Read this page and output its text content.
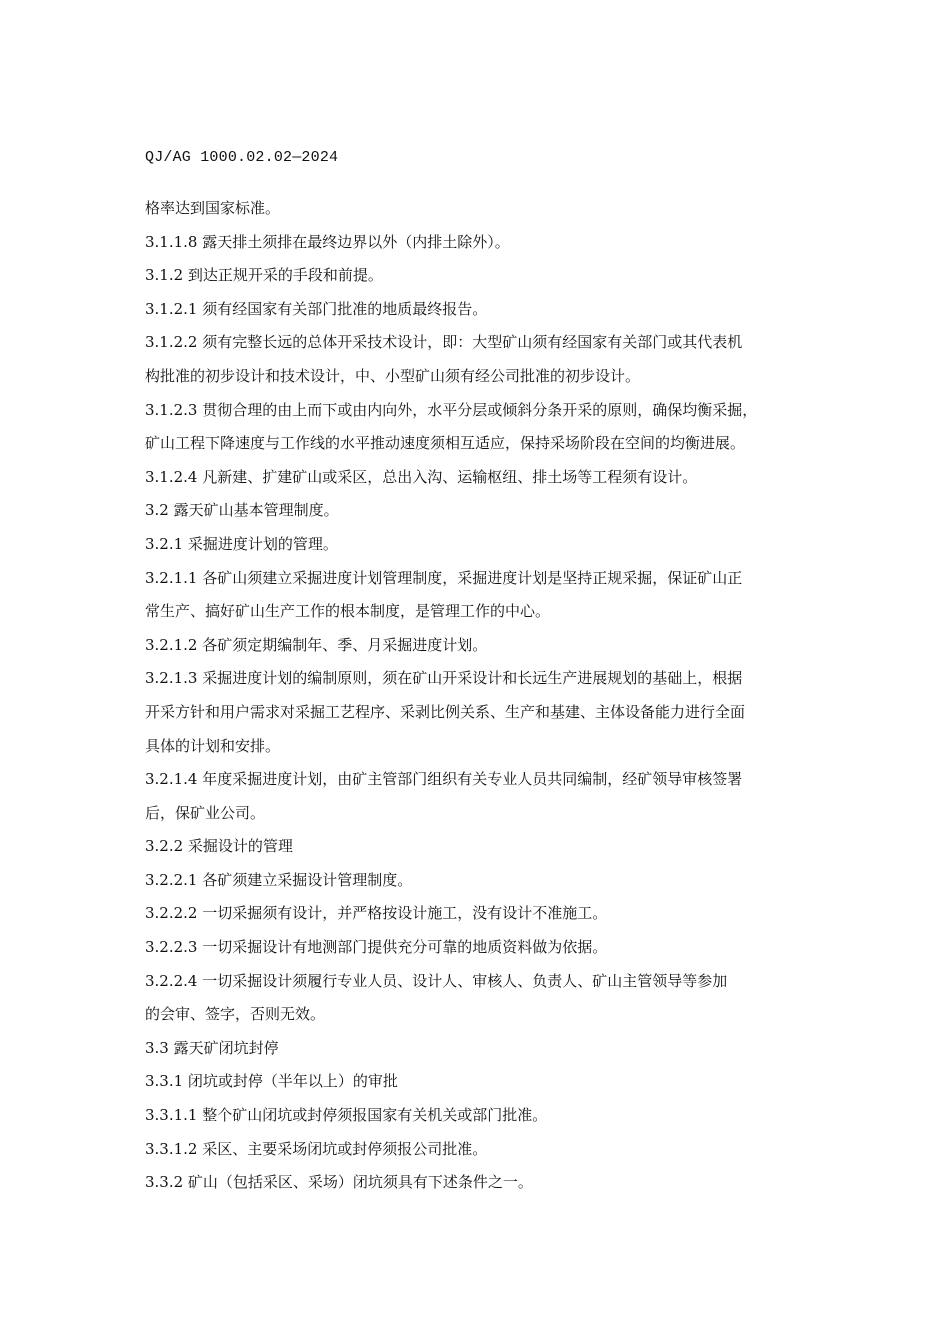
QJ/AG 1000.02.02—2024
格率达到国家标准。
3.1.1.8 露天排土须排在最终边界以外（内排土除外）。
3.1.2 到达正规开采的手段和前提。
3.1.2.1 须有经国家有关部门批准的地质最终报告。
3.1.2.2 须有完整长远的总体开采技术设计，即：大型矿山须有经国家有关部门或其代表机
构批准的初步设计和技术设计，中、小型矿山须有经公司批准的初步设计。
3.1.2.3 贯彻合理的由上而下或由内向外，水平分层或倾斜分条开采的原则，确保均衡采掘，
矿山工程下降速度与工作线的水平推动速度须相互适应，保持采场阶段在空间的均衡进展。
3.1.2.4 凡新建、扩建矿山或采区，总出入沟、运输枢纽、排土场等工程须有设计。
3.2 露天矿山基本管理制度。
3.2.1 采掘进度计划的管理。
3.2.1.1 各矿山须建立采掘进度计划管理制度，采掘进度计划是坚持正规采掘，保证矿山正
常生产、搞好矿山生产工作的根本制度，是管理工作的中心。
3.2.1.2 各矿须定期编制年、季、月采掘进度计划。
3.2.1.3 采掘进度计划的编制原则，须在矿山开采设计和长远生产进展规划的基础上，根据
开采方针和用户需求对采掘工艺程序、采剥比例关系、生产和基建、主体设备能力进行全面
具体的计划和安排。
3.2.1.4 年度采掘进度计划，由矿主管部门组织有关专业人员共同编制，经矿领导审核签署
后，保矿业公司。
3.2.2 采掘设计的管理
3.2.2.1 各矿须建立采掘设计管理制度。
3.2.2.2 一切采掘须有设计，并严格按设计施工，没有设计不准施工。
3.2.2.3 一切采掘设计有地测部门提供充分可靠的地质资料做为依据。
3.2.2.4 一切采掘设计须履行专业人员、设计人、审核人、负责人、矿山主管领导等参加
的会审、签字，否则无效。
3.3 露天矿闭坑封停
3.3.1 闭坑或封停（半年以上）的审批
3.3.1.1 整个矿山闭坑或封停须报国家有关机关或部门批准。
3.3.1.2 采区、主要采场闭坑或封停须报公司批准。
3.3.2 矿山（包括采区、采场）闭坑须具有下述条件之一。
